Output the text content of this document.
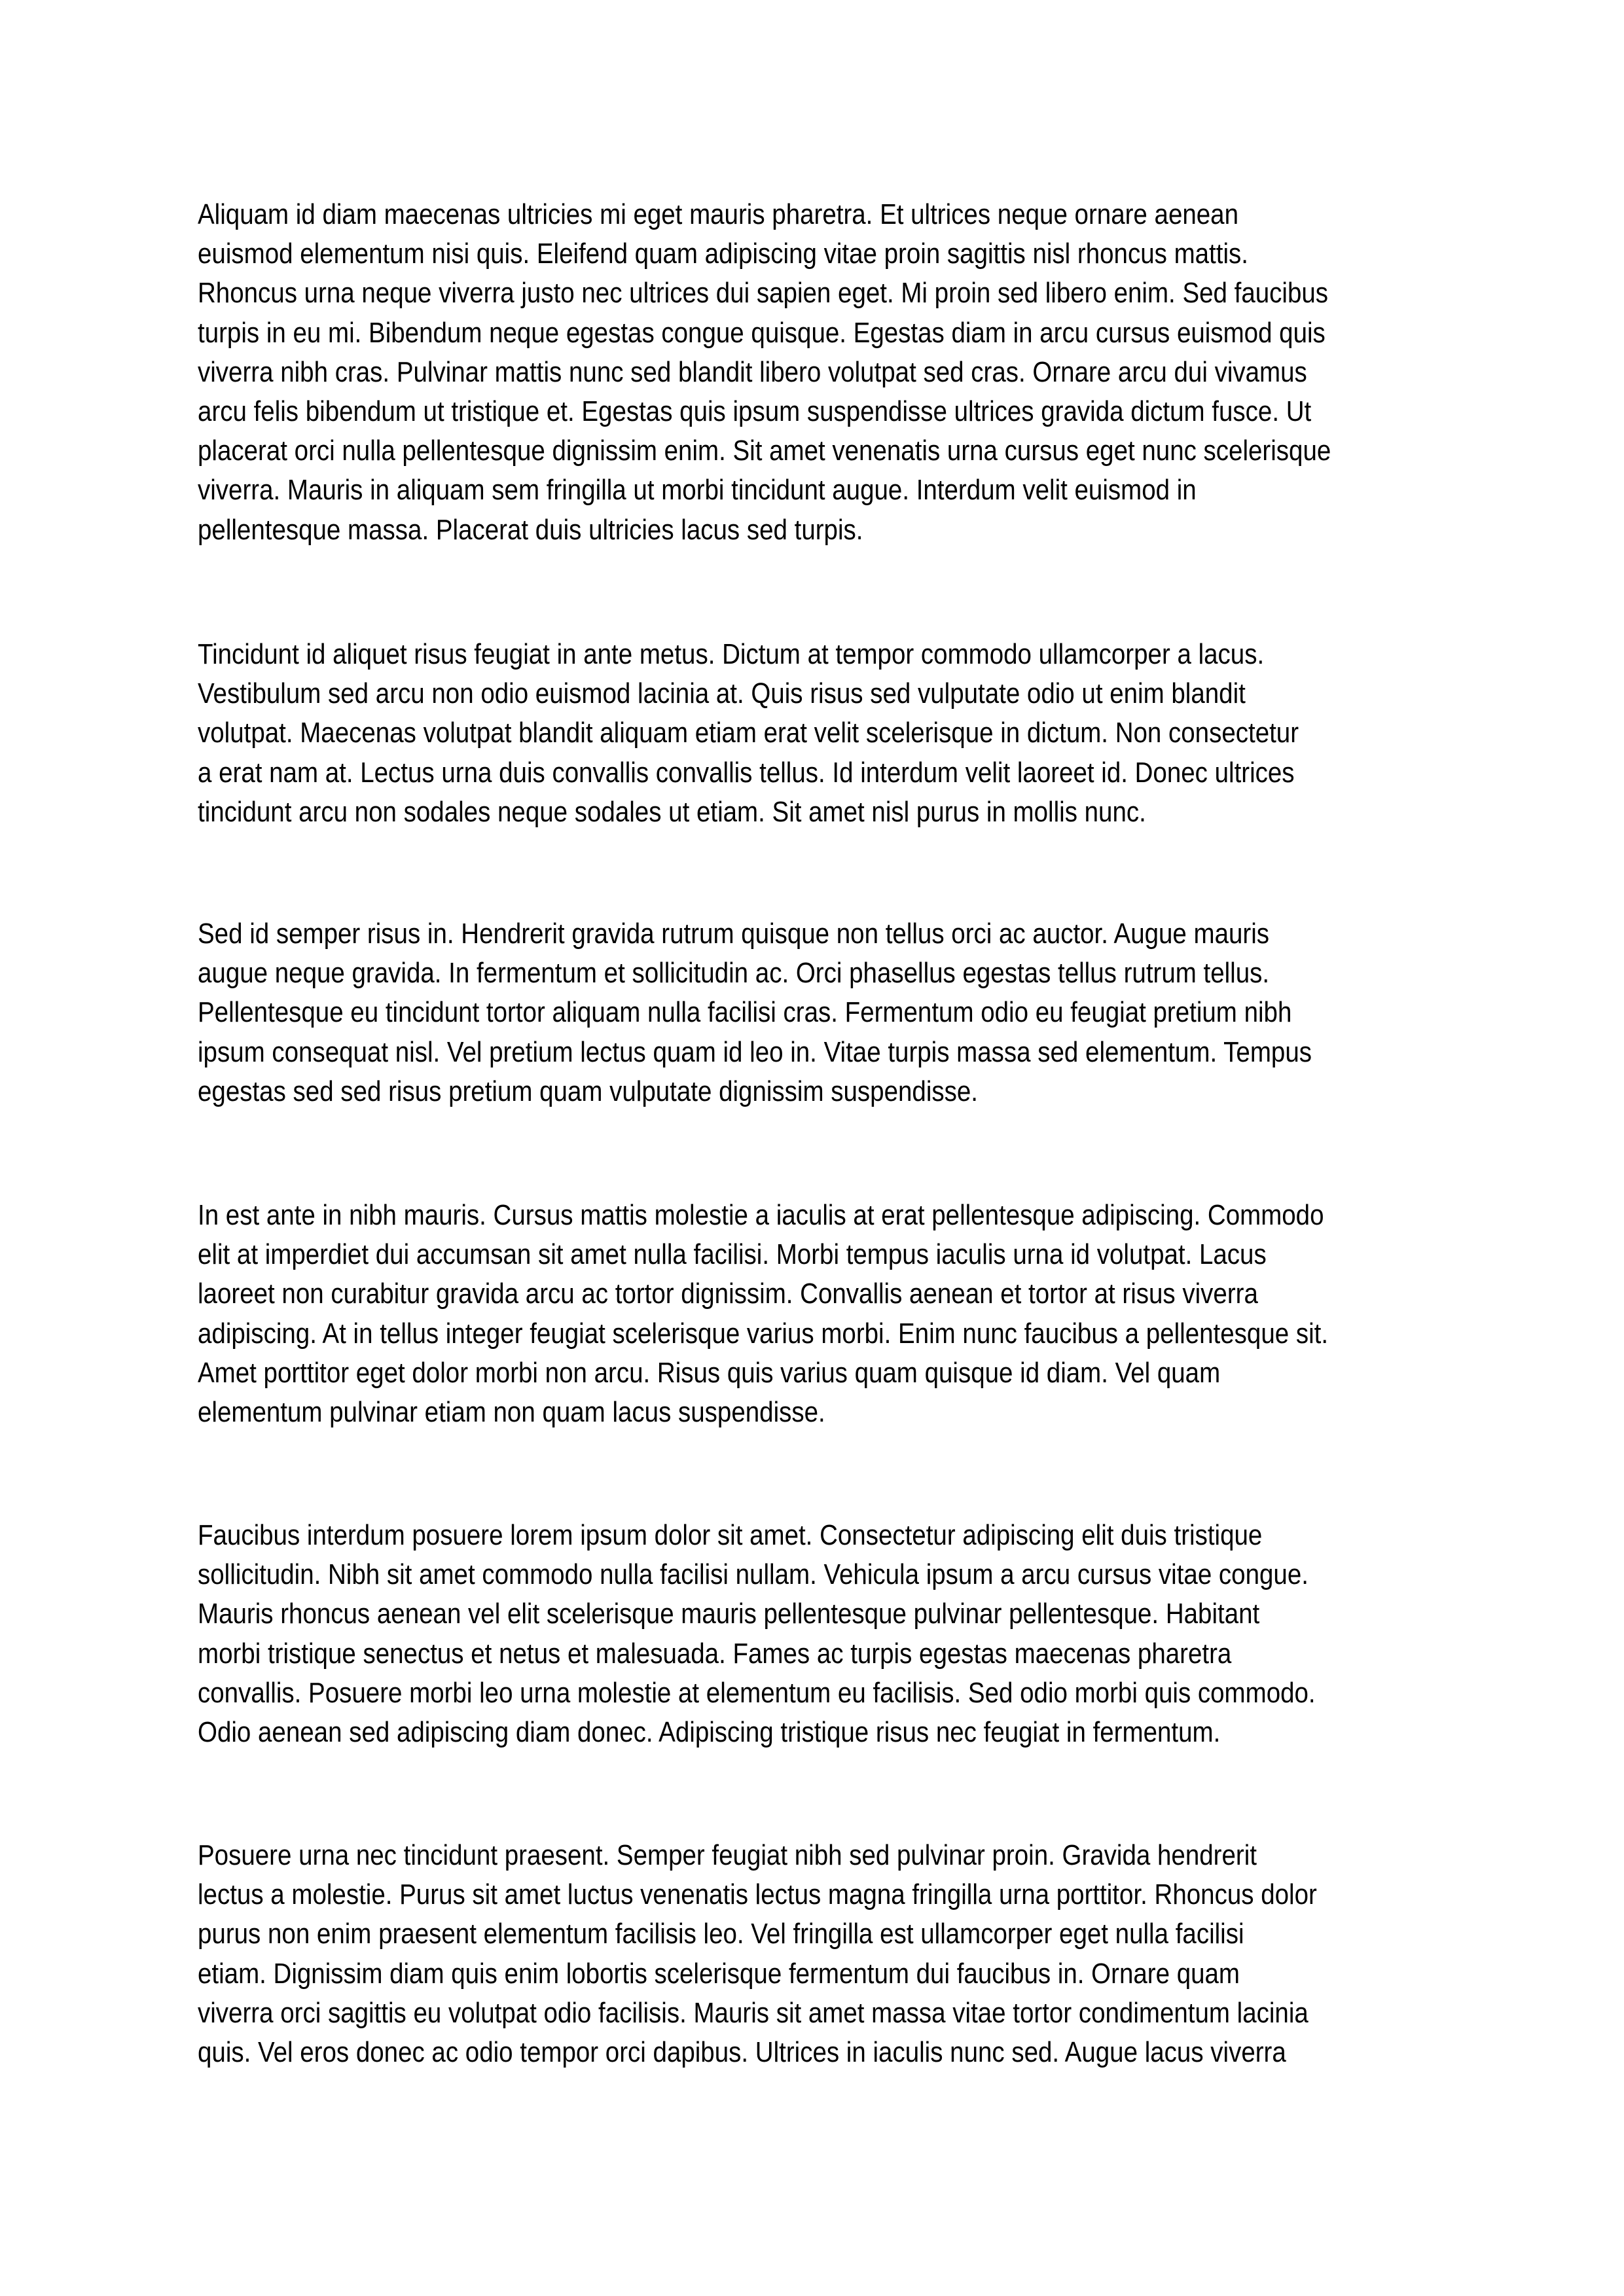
Aliquam id diam maecenas ultricies mi eget mauris pharetra. Et ultrices neque ornare aenean
euismod elementum nisi quis. Eleifend quam adipiscing vitae proin sagittis nisl rhoncus mattis.
Rhoncus urna neque viverra justo nec ultrices dui sapien eget. Mi proin sed libero enim. Sed faucibus
turpis in eu mi. Bibendum neque egestas congue quisque. Egestas diam in arcu cursus euismod quis
viverra nibh cras. Pulvinar mattis nunc sed blandit libero volutpat sed cras. Ornare arcu dui vivamus
arcu felis bibendum ut tristique et. Egestas quis ipsum suspendisse ultrices gravida dictum fusce. Ut
placerat orci nulla pellentesque dignissim enim. Sit amet venenatis urna cursus eget nunc scelerisque
viverra. Mauris in aliquam sem fringilla ut morbi tincidunt augue. Interdum velit euismod in
pellentesque massa. Placerat duis ultricies lacus sed turpis.
Tincidunt id aliquet risus feugiat in ante metus. Dictum at tempor commodo ullamcorper a lacus.
Vestibulum sed arcu non odio euismod lacinia at. Quis risus sed vulputate odio ut enim blandit
volutpat. Maecenas volutpat blandit aliquam etiam erat velit scelerisque in dictum. Non consectetur
a erat nam at. Lectus urna duis convallis convallis tellus. Id interdum velit laoreet id. Donec ultrices
tincidunt arcu non sodales neque sodales ut etiam. Sit amet nisl purus in mollis nunc.
Sed id semper risus in. Hendrerit gravida rutrum quisque non tellus orci ac auctor. Augue mauris
augue neque gravida. In fermentum et sollicitudin ac. Orci phasellus egestas tellus rutrum tellus.
Pellentesque eu tincidunt tortor aliquam nulla facilisi cras. Fermentum odio eu feugiat pretium nibh
ipsum consequat nisl. Vel pretium lectus quam id leo in. Vitae turpis massa sed elementum. Tempus
egestas sed sed risus pretium quam vulputate dignissim suspendisse.
In est ante in nibh mauris. Cursus mattis molestie a iaculis at erat pellentesque adipiscing. Commodo
elit at imperdiet dui accumsan sit amet nulla facilisi. Morbi tempus iaculis urna id volutpat. Lacus
laoreet non curabitur gravida arcu ac tortor dignissim. Convallis aenean et tortor at risus viverra
adipiscing. At in tellus integer feugiat scelerisque varius morbi. Enim nunc faucibus a pellentesque sit.
Amet porttitor eget dolor morbi non arcu. Risus quis varius quam quisque id diam. Vel quam
elementum pulvinar etiam non quam lacus suspendisse.
Faucibus interdum posuere lorem ipsum dolor sit amet. Consectetur adipiscing elit duis tristique
sollicitudin. Nibh sit amet commodo nulla facilisi nullam. Vehicula ipsum a arcu cursus vitae congue.
Mauris rhoncus aenean vel elit scelerisque mauris pellentesque pulvinar pellentesque. Habitant
morbi tristique senectus et netus et malesuada. Fames ac turpis egestas maecenas pharetra
convallis. Posuere morbi leo urna molestie at elementum eu facilisis. Sed odio morbi quis commodo.
Odio aenean sed adipiscing diam donec. Adipiscing tristique risus nec feugiat in fermentum.
Posuere urna nec tincidunt praesent. Semper feugiat nibh sed pulvinar proin. Gravida hendrerit
lectus a molestie. Purus sit amet luctus venenatis lectus magna fringilla urna porttitor. Rhoncus dolor
purus non enim praesent elementum facilisis leo. Vel fringilla est ullamcorper eget nulla facilisi
etiam. Dignissim diam quis enim lobortis scelerisque fermentum dui faucibus in. Ornare quam
viverra orci sagittis eu volutpat odio facilisis. Mauris sit amet massa vitae tortor condimentum lacinia
quis. Vel eros donec ac odio tempor orci dapibus. Ultrices in iaculis nunc sed. Augue lacus viverra
